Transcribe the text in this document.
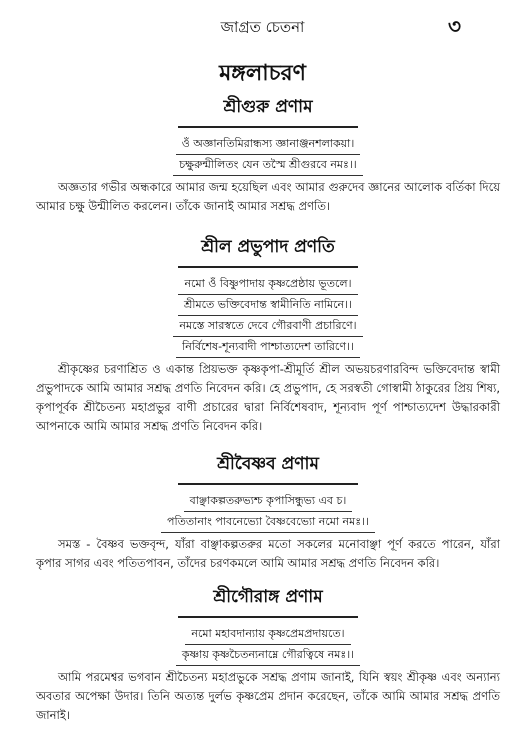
জাগ্রত চেতনা	৩
মঙ্গলাচরণ
শ্রীগুরু প্রণাম
ওঁ অজ্ঞানতিমিরান্ধস্য জ্ঞানাঞ্জনশলাকয়া।
চক্ষুরুন্মীলিতং যেন তস্মৈ শ্রীগুরবে নমঃ।।

অজ্ঞতার গভীর অন্ধকারে আমার জন্ম হয়েছিল এবং আমার গুরুদেব জ্ঞানের আলোক বর্তিকা দিয়ে আমার চক্ষু উন্মীলিত করলেন। তাঁকে জানাই আমার সশ্রদ্ধ প্রণতি।

শ্রীল প্রভুপাদ প্রণতি
নমো ওঁ বিষ্ণুপাদায় কৃষ্ণপ্রেষ্ঠায় ভূতলে।
শ্রীমতে ভক্তিবেদান্ত স্বামীনিতি নামিনে।।
নমস্তে সারস্বতে দেবে গৌরবাণী প্রচারিণে।
নির্বিশেষ-শূন্যবাদী পাশ্চাত্যদেশ তারিণে।।

শ্রীকৃষ্ণের চরণাশ্রিত ও একান্ত প্রিয়ভক্ত কৃষ্ণকৃপা-শ্রীমূর্তি শ্রীল অভয়চরণারবিন্দ ভক্তিবেদান্ত স্বামী প্রভুপাদকে আমি আমার সশ্রদ্ধ প্রণতি নিবেদন করি। হে প্রভুপাদ, হে সরস্বতী গোস্বামী ঠাকুরের প্রিয় শিষ্য, কৃপাপূর্বক শ্রীচৈতন্য মহাপ্রভুর বাণী প্রচারের দ্বারা নির্বিশেষবাদ, শূন্যবাদ পূর্ণ পাশ্চাত্যদেশ উদ্ধারকারী আপনাকে আমি আমার সশ্রদ্ধ প্রণতি নিবেদন করি।

শ্রীবৈষ্ণব প্রণাম
বাঞ্ছাকল্পতরুভ্যশ্চ কৃপাসিন্ধুভ্য এব চ।
পতিতানাং পাবনেভ্যো বৈষ্ণবেভ্যো নমো নমঃ।।

সমস্ত - বৈষ্ণব ভক্তবৃন্দ, যাঁরা বাঞ্ছাকল্পতরুর মতো সকলের মনোবাঞ্ছা পূর্ণ করতে পারেন, যাঁরা কৃপার সাগর এবং পতিতপাবন, তাঁদের চরণকমলে আমি আমার সশ্রদ্ধ প্রণতি নিবেদন করি।

শ্রীগৌরাঙ্গ প্রণাম
নমো মহাবদান্যায় কৃষ্ণপ্রেমপ্রদায়তে।
কৃষ্ণায় কৃষ্ণচৈতন্যনাম্নে গৌরত্বিষে নমঃ।।

আমি পরমেশ্বর ভগবান শ্রীচৈতন্য মহাপ্রভুকে সশ্রদ্ধ প্রণাম জানাই, যিনি স্বয়ং শ্রীকৃষ্ণ এবং অন্যান্য অবতার অপেক্ষা উদার। তিনি অত্যন্ত দুর্লভ কৃষ্ণপ্রেম প্রদান করেছেন, তাঁকে আমি আমার সশ্রদ্ধ প্রণতি জানাই।
